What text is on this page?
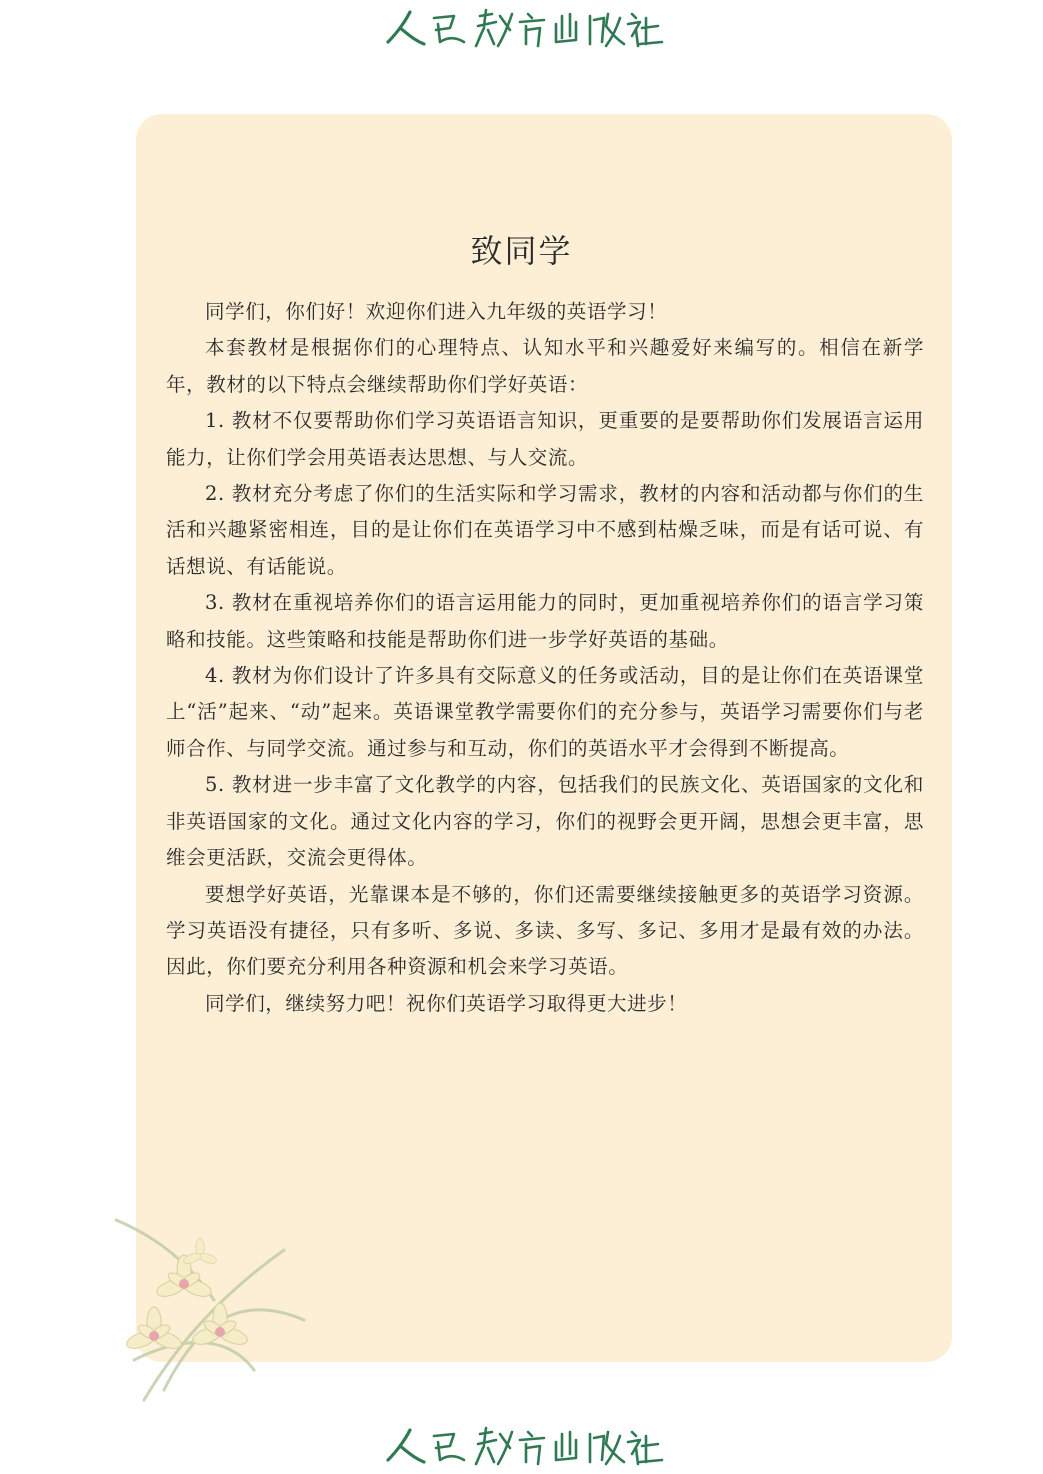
致同学

同学们，你们好！欢迎你们进入九年级的英语学习！

本套教材是根据你们的心理特点、认知水平和兴趣爱好来编写的。相信在新学年，教材的以下特点会继续帮助你们学好英语：

1. 教材不仅要帮助你们学习英语语言知识，更重要的是要帮助你们发展语言运用能力，让你们学会用英语表达思想、与人交流。

2. 教材充分考虑了你们的生活实际和学习需求，教材的内容和活动都与你们的生活和兴趣紧密相连，目的是让你们在英语学习中不感到枯燥乏味，而是有话可说、有话想说、有话能说。

3. 教材在重视培养你们的语言运用能力的同时，更加重视培养你们的语言学习策略和技能。这些策略和技能是帮助你们进一步学好英语的基础。

4. 教材为你们设计了许多具有交际意义的任务或活动，目的是让你们在英语课堂上“活”起来、“动”起来。英语课堂教学需要你们的充分参与，英语学习需要你们与老师合作、与同学交流。通过参与和互动，你们的英语水平才会得到不断提高。

5. 教材进一步丰富了文化教学的内容，包括我们的民族文化、英语国家的文化和非英语国家的文化。通过文化内容的学习，你们的视野会更开阔，思想会更丰富，思维会更活跃，交流会更得体。

要想学好英语，光靠课本是不够的，你们还需要继续接触更多的英语学习资源。学习英语没有捷径，只有多听、多说、多读、多写、多记、多用才是最有效的办法。因此，你们要充分利用各种资源和机会来学习英语。

同学们，继续努力吧！祝你们英语学习取得更大进步！
